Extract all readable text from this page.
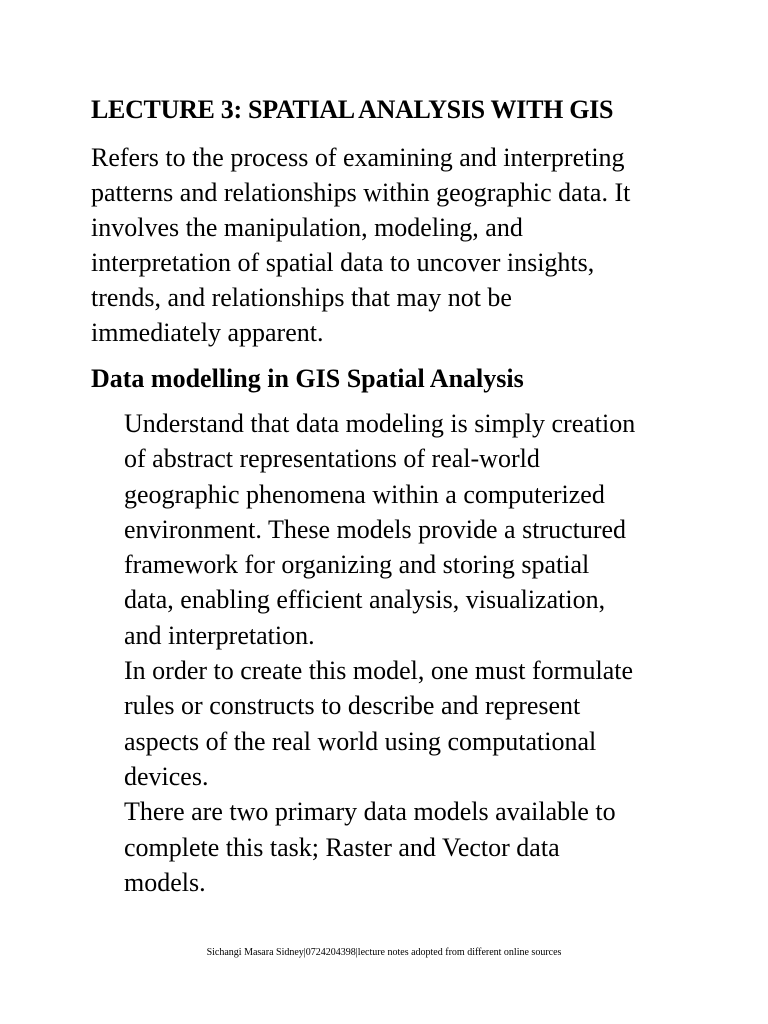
LECTURE 3: SPATIAL ANALYSIS WITH GIS
Refers to the process of examining and interpreting
patterns and relationships within geographic data. It
involves the manipulation, modeling, and
interpretation of spatial data to uncover insights,
trends, and relationships that may not be
immediately apparent.
Data modelling in GIS Spatial Analysis
Understand that data modeling is simply creation
of abstract representations of real-world
geographic phenomena within a computerized
environment. These models provide a structured
framework for organizing and storing spatial
data, enabling efficient analysis, visualization,
and interpretation.
In order to create this model, one must formulate
rules or constructs to describe and represent
aspects of the real world using computational
devices.
There are two primary data models available to
complete this task; Raster and Vector data
models.
Sichangi Masara Sidney|0724204398|lecture notes adopted from different online sources
